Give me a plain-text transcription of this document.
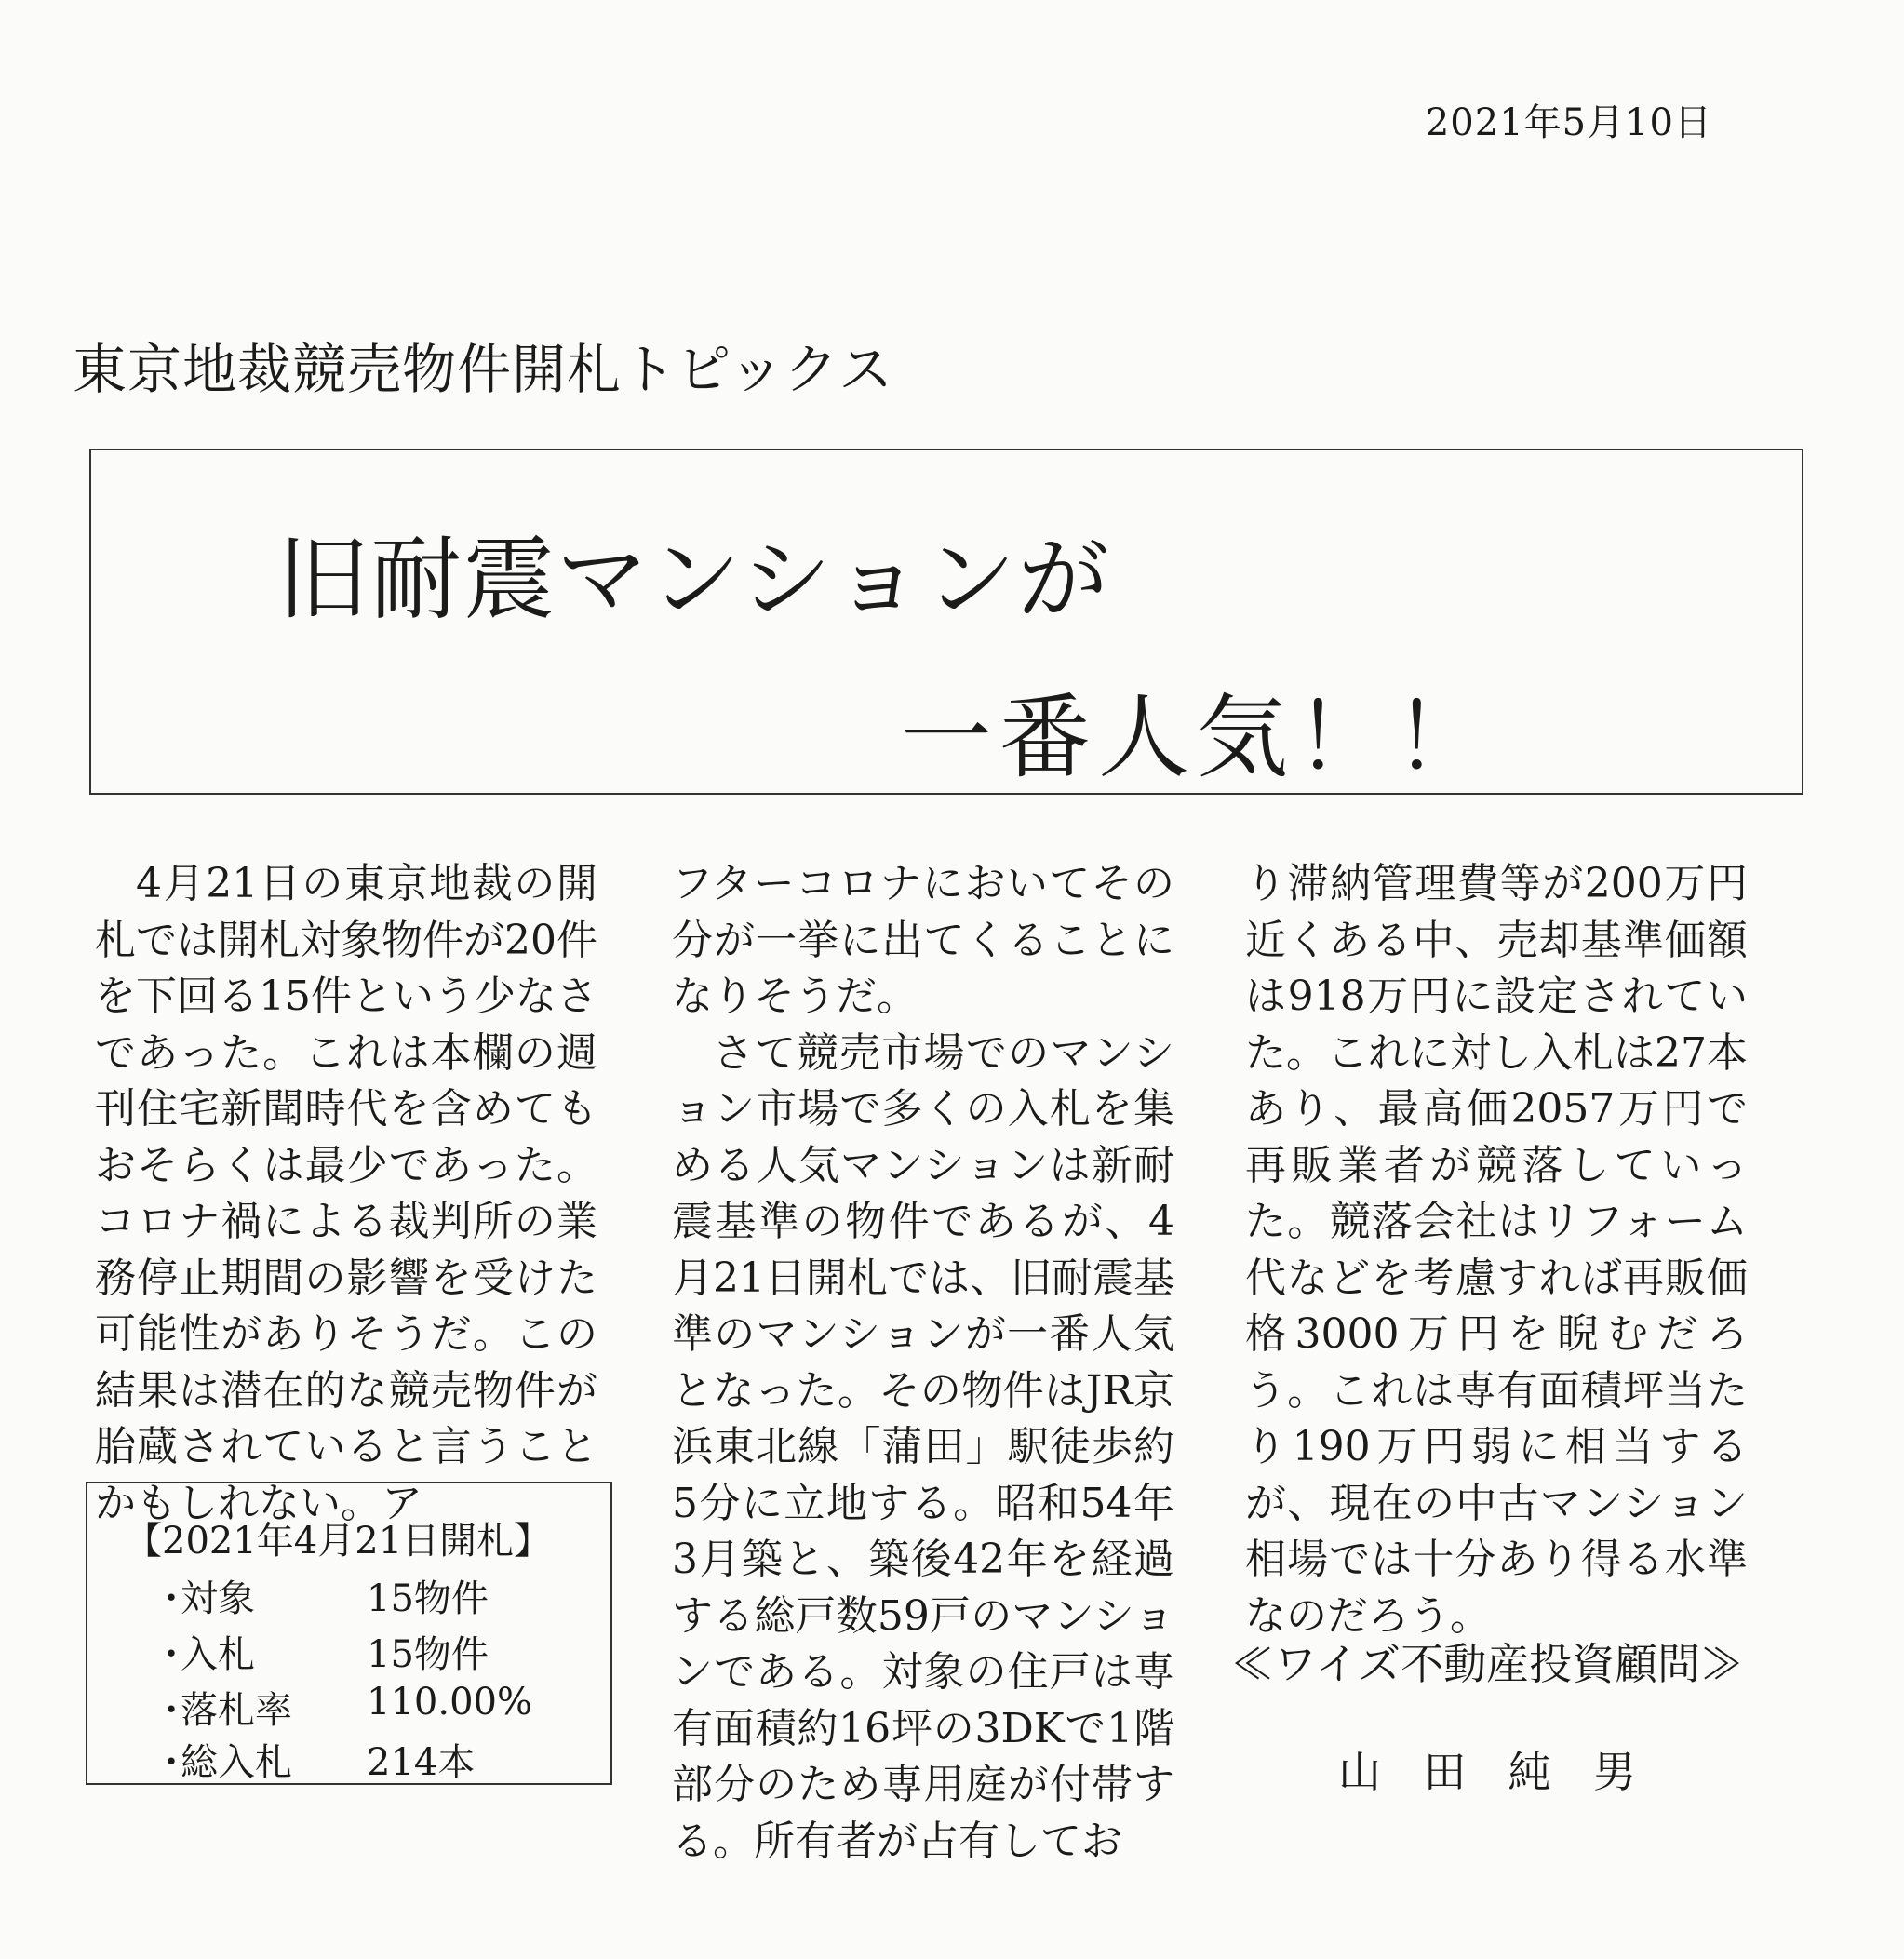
2021年5月10日
東京地裁競売物件開札トピックス
旧耐震マンションが
一番人気！！

4月21日の東京地裁の開札では開札対象物件が20件を下回る15件という少なさであった。これは本欄の週刊住宅新聞時代を含めてもおそらくは最少であった。コロナ禍による裁判所の業務停止期間の影響を受けた可能性がありそうだ。この結果は潜在的な競売物件が胎蔵されていると言うことかもしれない。ア

フターコロナにおいてその分が一挙に出てくることになりそうだ。

さて競売市場でのマンション市場で多くの入札を集める人気マンションは新耐震基準の物件であるが、4月21日開札では、旧耐震基準のマンションが一番人気となった。その物件はJR京浜東北線「蒲田」駅徒歩約5分に立地する。昭和54年3月築と、築後42年を経過する総戸数59戸のマンションである。対象の住戸は専有面積約16坪の3DKで1階部分のため専用庭が付帯する。所有者が占有してお

り滞納管理費等が200万円近くある中、売却基準価額は918万円に設定されていた。これに対し入札は27本あり、最高価2057万円で再販業者が競落していった。競落会社はリフォーム代などを考慮すれば再販価格3000万円を睨むだろう。これは専有面積坪当たり190万円弱に相当するが、現在の中古マンション相場では十分あり得る水準なのだろう。

【2021年4月21日開札】
・
対象	15物件
・
入札	15物件
・
落札率 110.00%
・
総入札 214本
≪ワイズ不動産投資顧問≫
山 田 純 男
